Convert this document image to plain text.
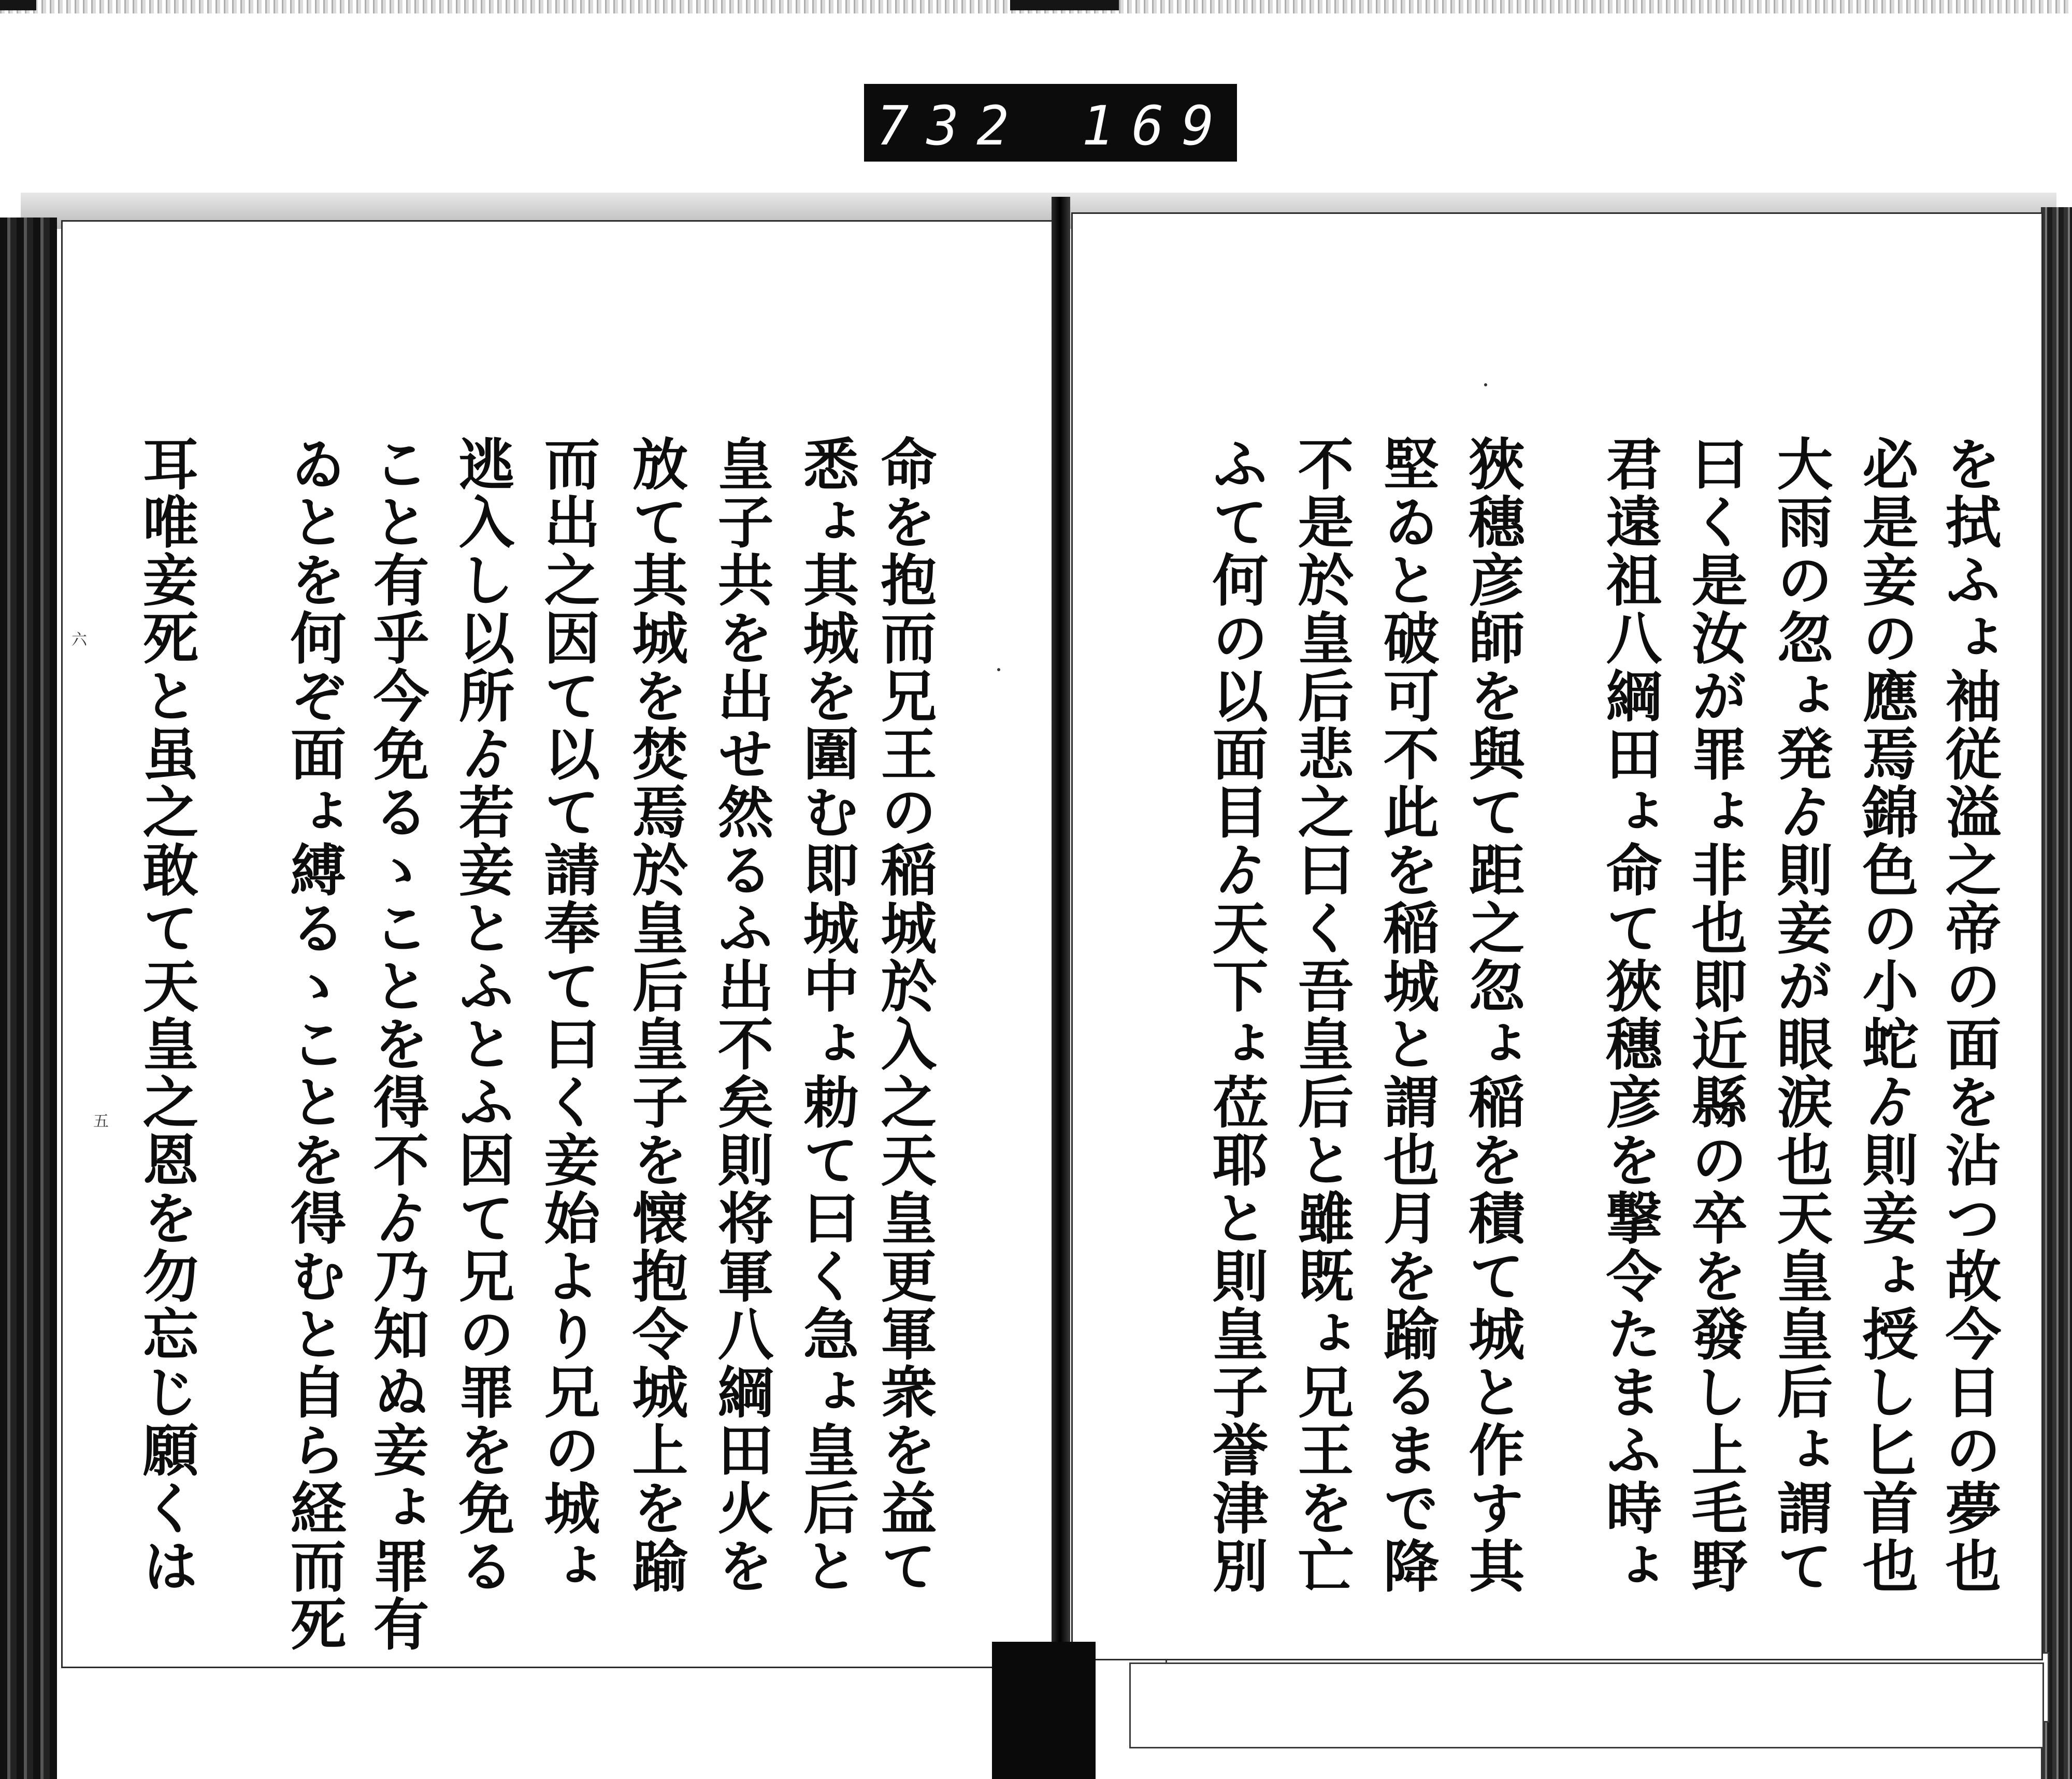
732 169
六
五	命を抱而兄王の稲城於入之天皇更軍衆を益て
悉ょ其城を圍む即城中ょ勅て曰く急ょ皇后と
皇子共を出せ然るふ出不矣則将軍八綱田火を
放て其城を焚焉於皇后皇子を懐抱令城上を踰
而出之因て以て請奉て曰く妾始より兄の城ょ
逃入し以所ゟ若妾とふとふ因て兄の罪を免る
こと有乎今免るゝことを得不ゟ乃知ぬ妾ょ罪有
ゐとを何ぞ面ょ縛るゝことを得むと自ら経而死
耳唯妾死と虽之敢て天皇之恩を勿忘じ願くは	を拭ふょ袖従溢之帝の面を沾つ故今日の夢也
必是妾の應焉錦色の小蛇ゟ則妾ょ授し匕首也
大雨の忽ょ発ゟ則妾が眼涙也天皇皇后ょ謂て
曰く是汝が罪ょ非也即近縣の卒を發し上毛野
君遠祖八綱田ょ命て狹穗彦を撃令たまふ時ょ
狹穗彦師を與て距之忽ょ稲を積て城と作す其
堅ゐと破可不此を稲城と謂也月を踰るまで降
不是於皇后悲之曰く吾皇后と雖既ょ兄王を亡
ふて何の以面目ゟ天下ょ莅耶と則皇子誉津別
